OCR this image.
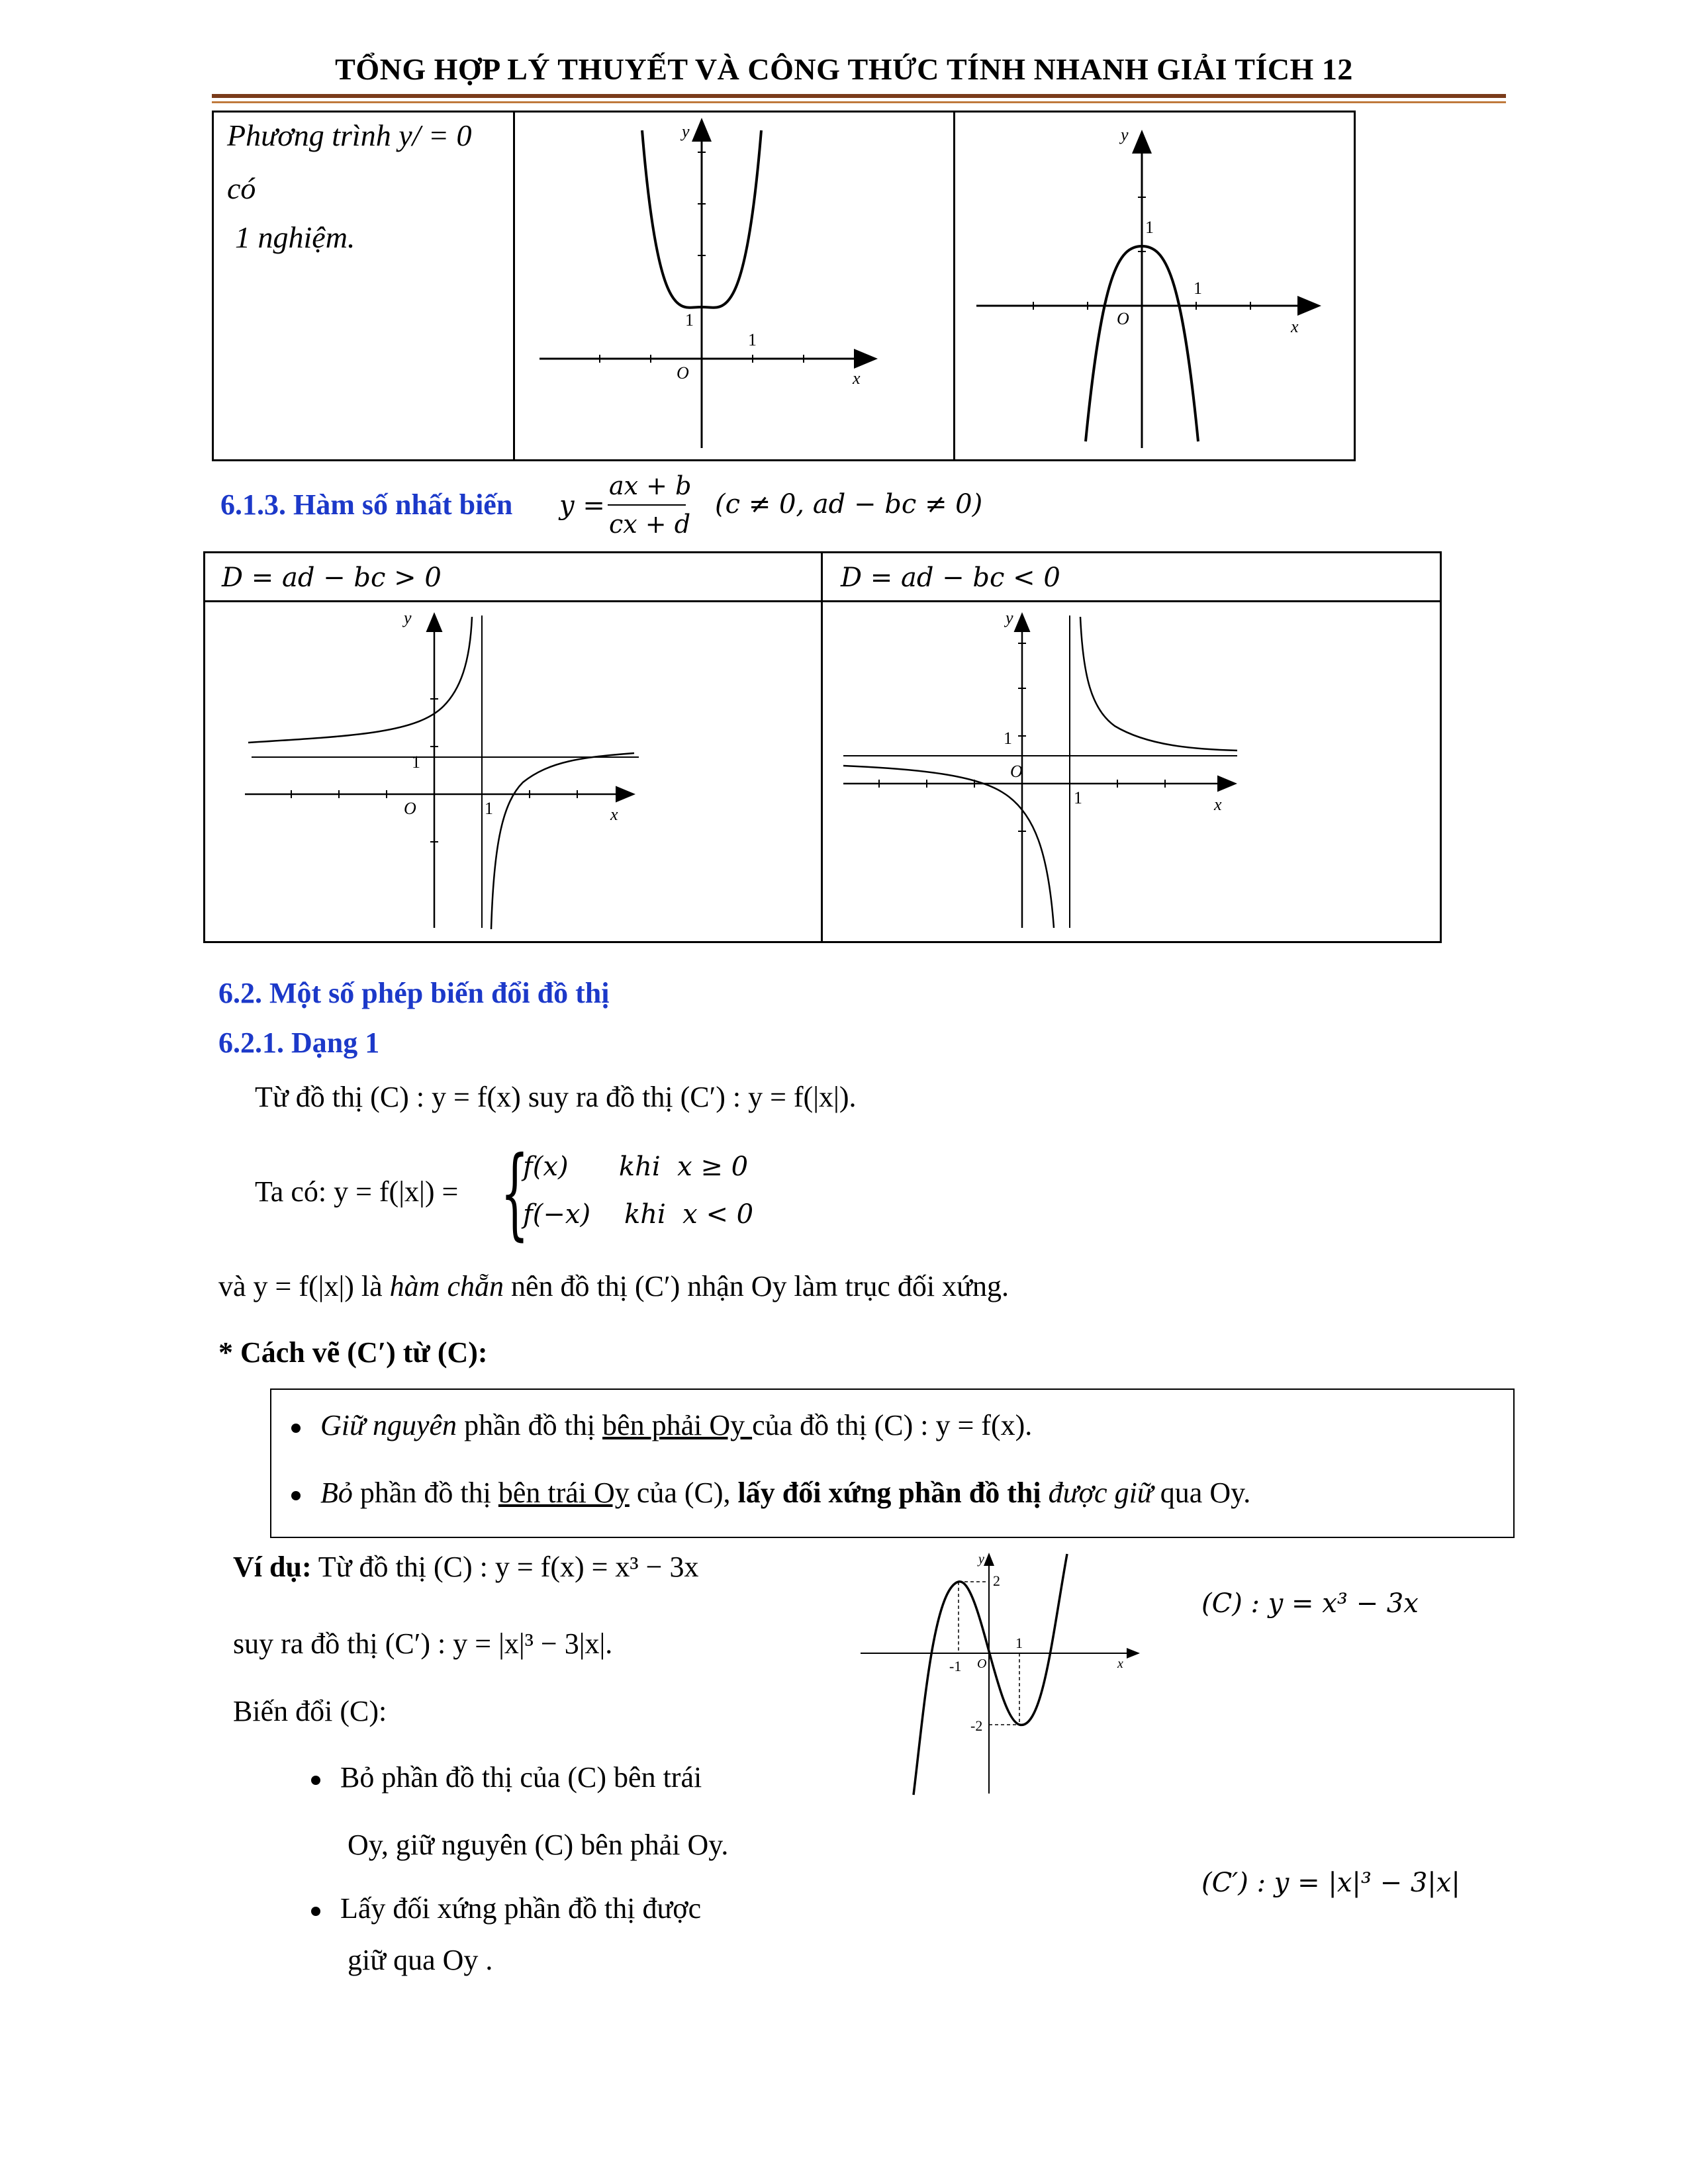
TỔNG HỢP LÝ THUYẾT VÀ CÔNG THỨC TÍNH NHANH GIẢI TÍCH 12
Phương trình y/ = 0
có
1 nghiệm.
y
x
O
1
1
y
x
O
1
1
6.1.3. Hàm số nhất biến y =
ax + b
cx + d
(c ≠ 0, ad − bc ≠ 0)
D = ad − bc > 0	D = ad − bc < 0
y
x
O
1
1
y
x
O
1
1
6.2. Một số phép biến đổi đồ thị
6.2.1. Dạng 1
Từ đồ thị (C) : y = f(x) suy ra đồ thị (C′) : y = f(|x|).
Ta có: y = f(|x|) = {
f(x)      khi  x ≥ 0
f(−x)    khi  x < 0
và y = f(|x|) là hàm chẵn nên đồ thị (C′) nhận Oy làm trục đối xứng.
* Cách vẽ (C′) từ (C):
Giữ nguyên phần đồ thị bên phải Oy của đồ thị (C) : y = f(x).
Bỏ phần đồ thị bên trái Oy của (C), lấy đối xứng phần đồ thị được giữ qua Oy.
Ví dụ: Từ đồ thị (C) : y = f(x) = x³ − 3x
suy ra đồ thị (C′) : y = |x|³ − 3|x|.
Biến đổi (C):
Bỏ phần đồ thị của (C) bên trái
Oy, giữ nguyên (C) bên phải Oy.
Lấy đối xứng phần đồ thị được
giữ qua Oy .
y
x
O
2
-2
-1
1
(C) : y = x³ − 3x
(C′) : y = |x|³ − 3|x|
